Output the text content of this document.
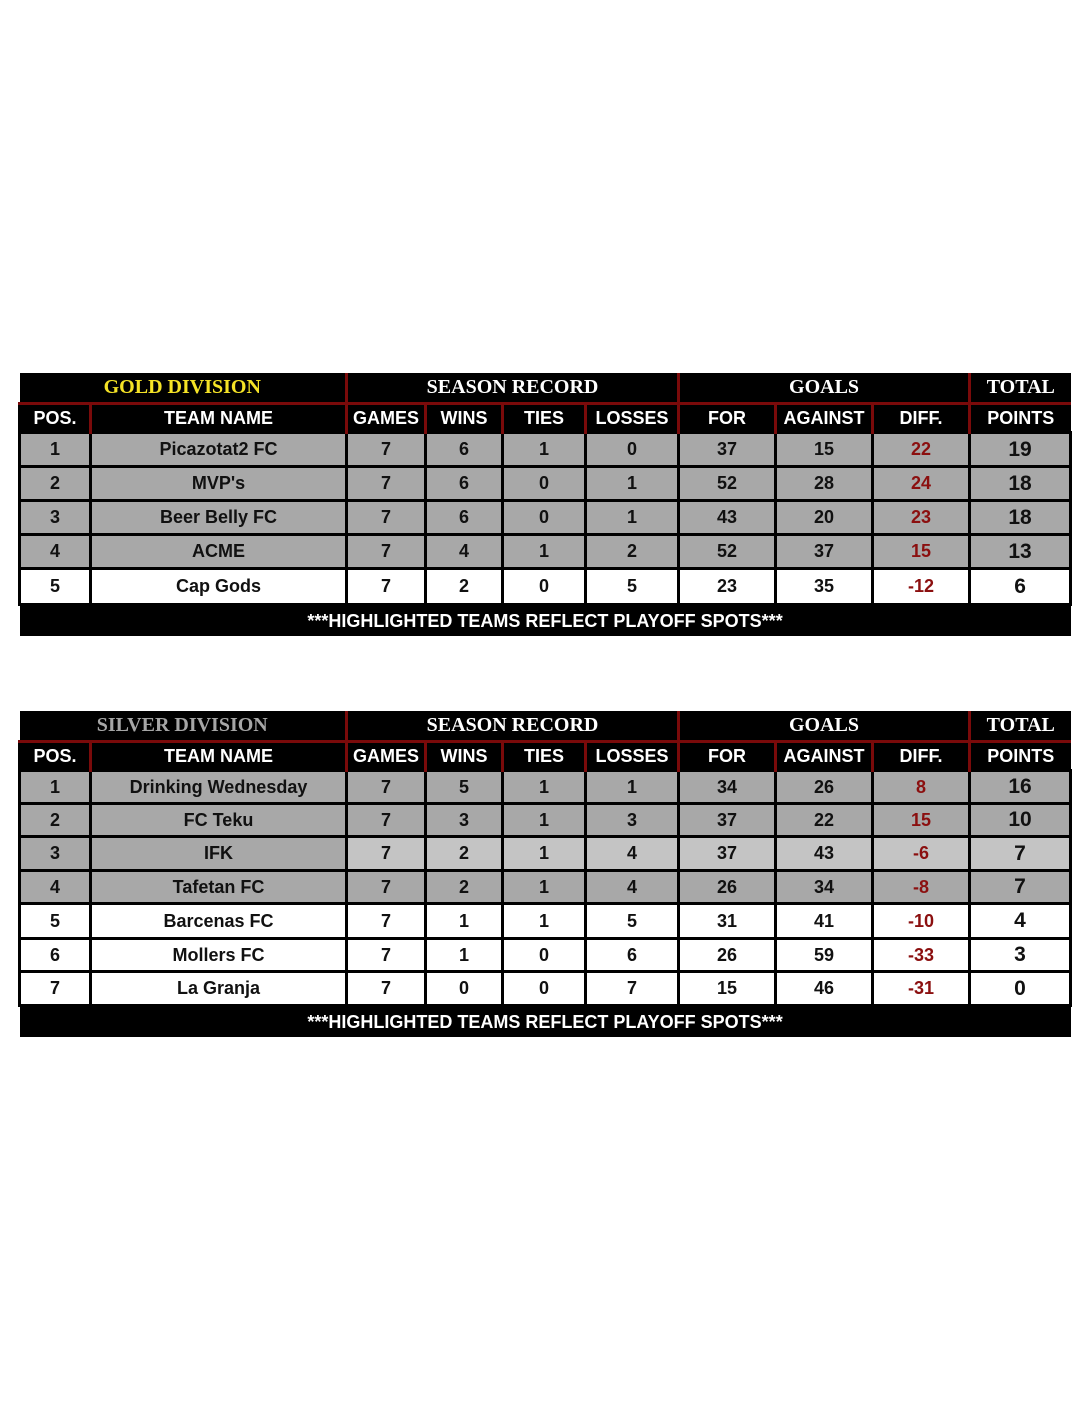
GOLD DIVISION		SEASON RECORD				GOALS			TOTAL
POS.	TEAM NAME	GAMES	WINS	TIES	LOSSES	FOR	AGAINST	DIFF.	POINTS
1	Picazotat2 FC	7	6	1	0	37	15	22	19
2	MVP's	7	6	0	1	52	28	24	18
3	Beer Belly FC	7	6	0	1	43	20	23	18
4	ACME	7	4	1	2	52	37	15	13
5	Cap Gods	7	2	0	5	23	35	-12	6
***HIGHLIGHTED TEAMS REFLECT PLAYOFF SPOTS***									
SILVER DIVISION		SEASON RECORD				GOALS			TOTAL
POS.	TEAM NAME	GAMES	WINS	TIES	LOSSES	FOR	AGAINST	DIFF.	POINTS
1	Drinking Wednesday	7	5	1	1	34	26	8	16
2	FC Teku	7	3	1	3	37	22	15	10
3	IFK	7	2	1	4	37	43	-6	7
4	Tafetan FC	7	2	1	4	26	34	-8	7
5	Barcenas FC	7	1	1	5	31	41	-10	4
6	Mollers FC	7	1	0	6	26	59	-33	3
7	La Granja	7	0	0	7	15	46	-31	0
***HIGHLIGHTED TEAMS REFLECT PLAYOFF SPOTS***									
